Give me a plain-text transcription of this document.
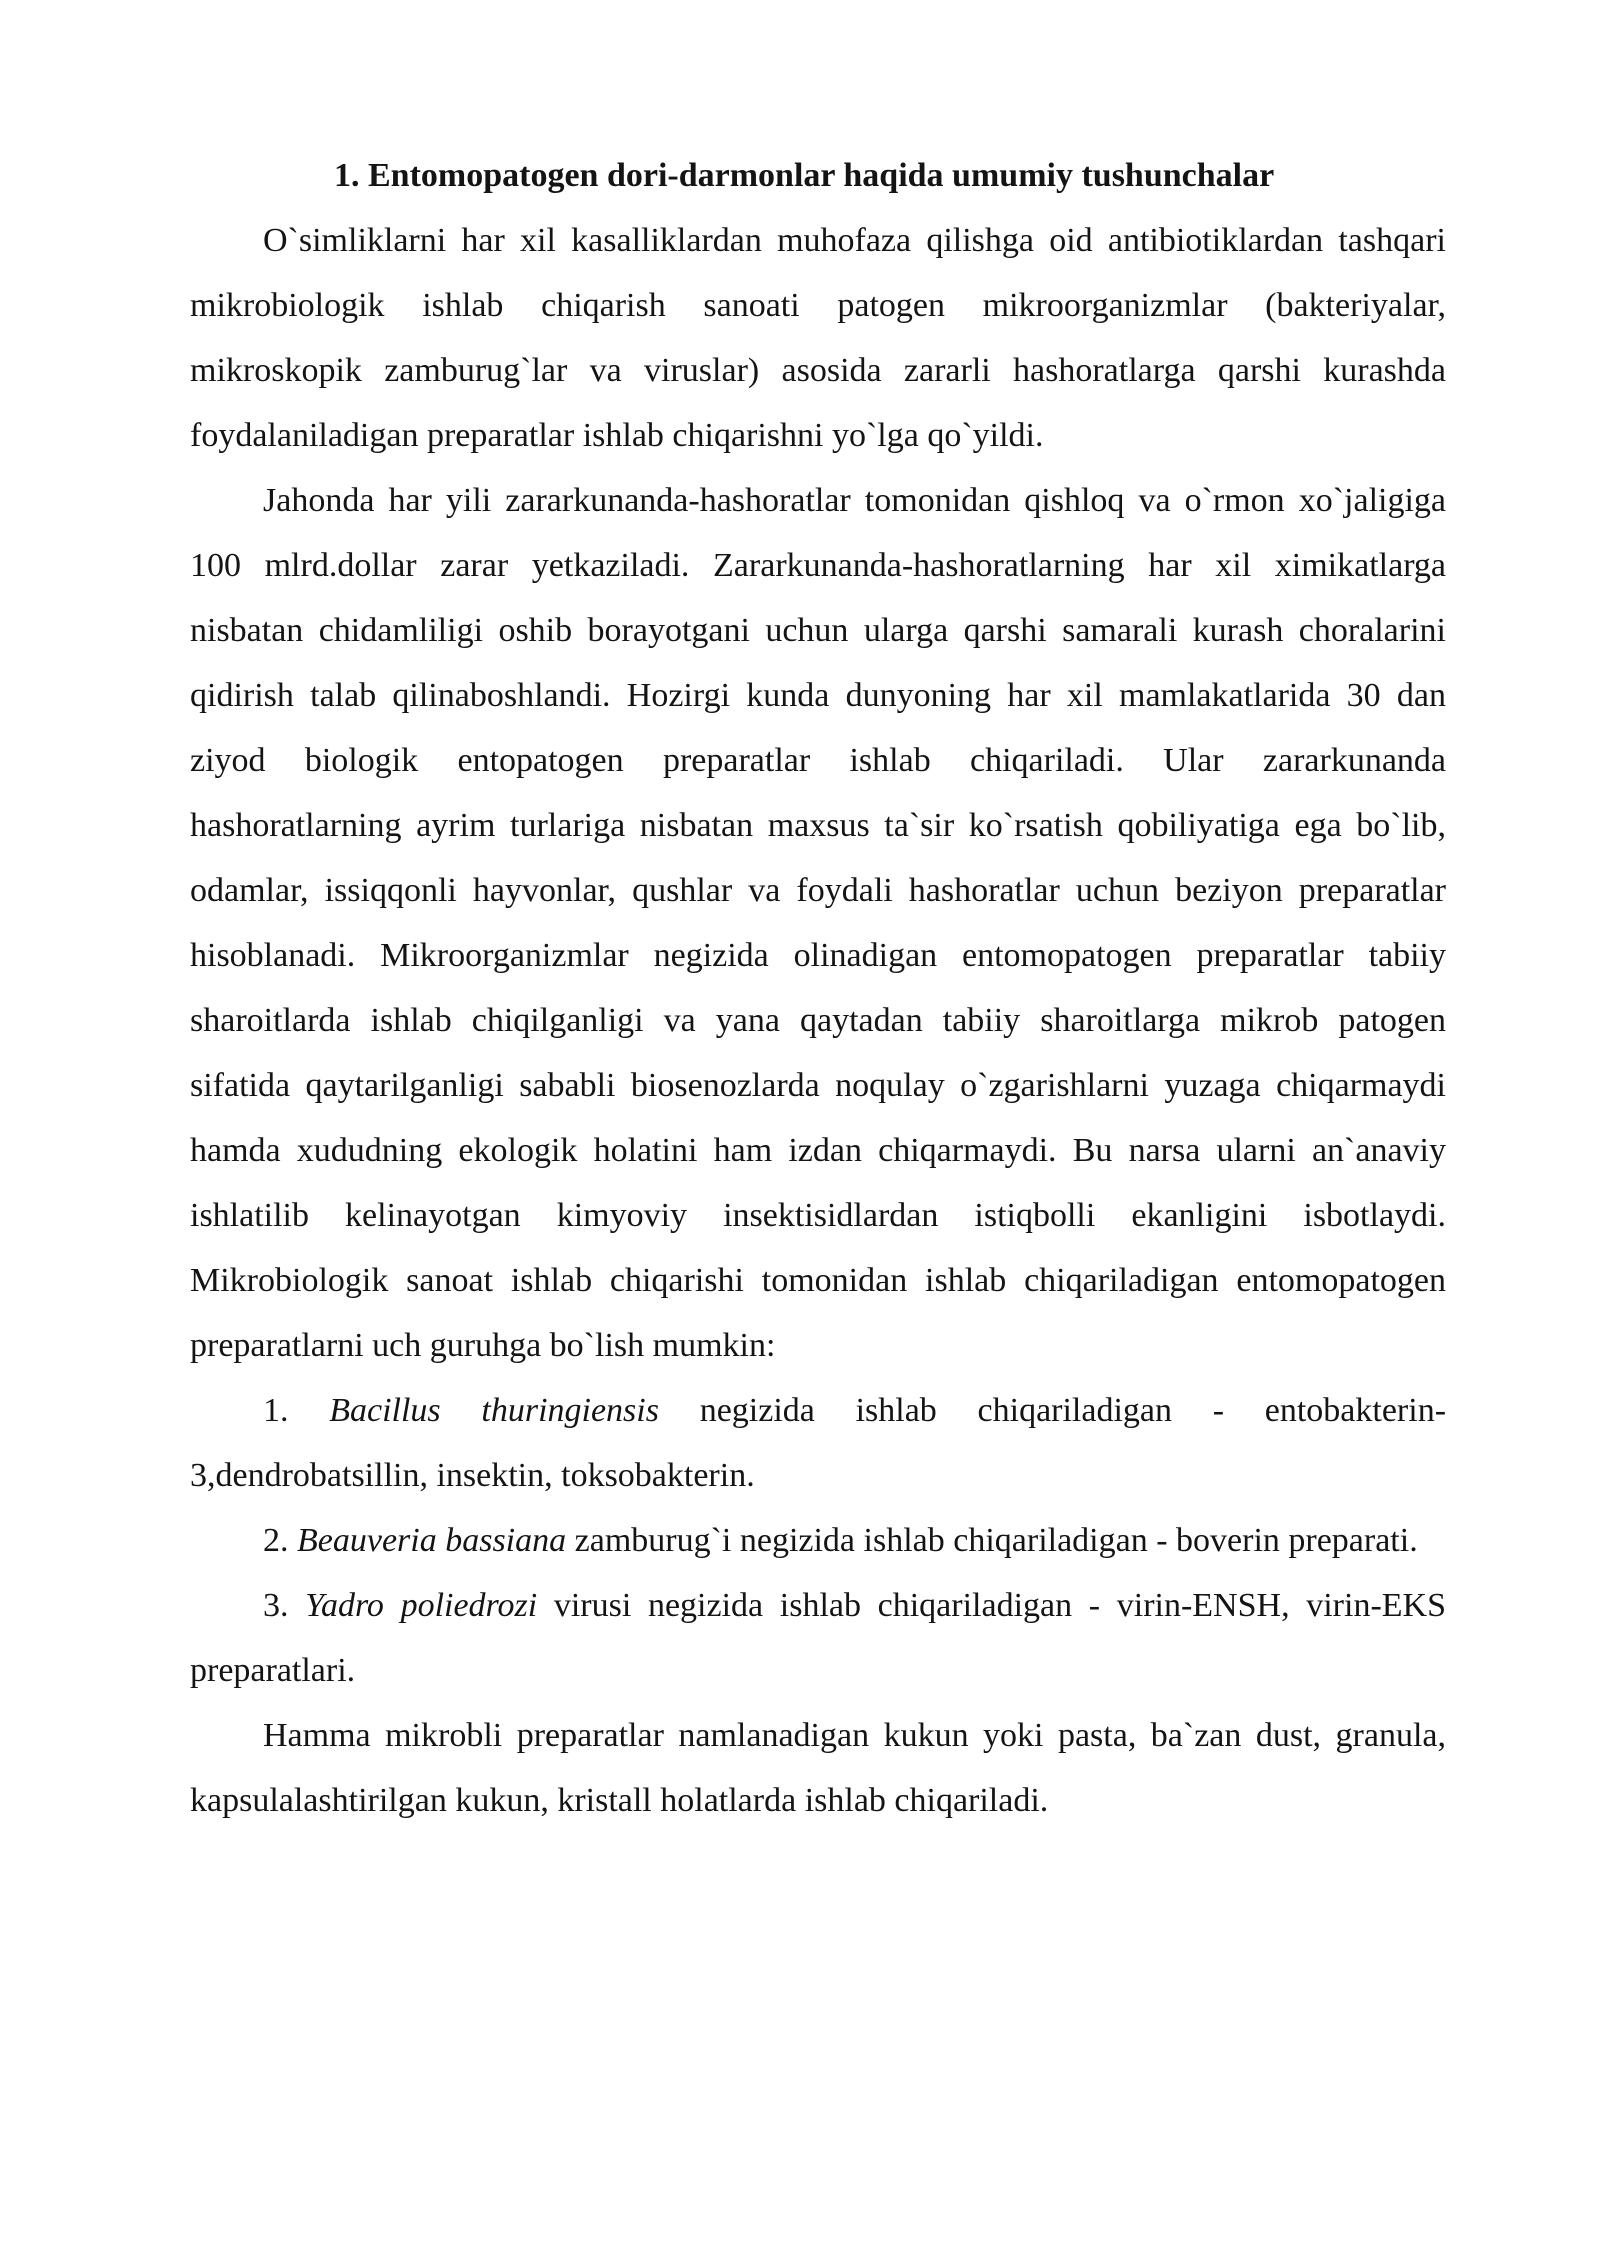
1. Entomopatogen dori-darmonlar haqida umumiy tushunchalar

O`simliklarni har xil kasalliklardan muhofaza qilishga oid antibiotiklardan tashqari mikrobiologik ishlab chiqarish sanoati patogen mikroorganizmlar (bakteriyalar, mikroskopik zamburug`lar va viruslar) asosida zararli hashoratlarga qarshi kurashda foydalaniladigan preparatlar ishlab chiqarishni yo`lga qo`yildi.

Jahonda har yili zararkunanda-hashoratlar tomonidan qishloq va o`rmon xo`jaligiga 100 mlrd.dollar zarar yetkaziladi. Zararkunanda-hashoratlarning har xil ximikatlarga nisbatan chidamliligi oshib borayotgani uchun ularga qarshi samarali kurash choralarini qidirish talab qilinaboshlandi. Hozirgi kunda dunyoning har xil mamlakatlarida 30 dan ziyod biologik entopatogen preparatlar ishlab chiqariladi. Ular zararkunanda hashoratlarning ayrim turlariga nisbatan maxsus ta`sir ko`rsatish qobiliyatiga ega bo`lib, odamlar, issiqqonli hayvonlar, qushlar va foydali hashoratlar uchun beziyon preparatlar hisoblanadi. Mikroorganizmlar negizida olinadigan entomopatogen preparatlar tabiiy sharoitlarda ishlab chiqilganligi va yana qaytadan tabiiy sharoitlarga mikrob patogen sifatida qaytarilganligi sababli biosenozlarda noqulay o`zgarishlarni yuzaga chiqarmaydi hamda xududning ekologik holatini ham izdan chiqarmaydi. Bu narsa ularni an`anaviy ishlatilib kelinayotgan kimyoviy insektisidlardan istiqbolli ekanligini isbotlaydi. Mikrobiologik sanoat ishlab chiqarishi tomonidan ishlab chiqariladigan entomopatogen preparatlarni uch guruhga bo`lish mumkin:

1. Bacillus thuringiensis negizida ishlab chiqariladigan - entobakterin-3,dendrobatsillin, insektin, toksobakterin.

2. Beauveria bassiana zamburug`i negizida ishlab chiqariladigan - boverin preparati.

3. Yadro poliedrozi virusi negizida ishlab chiqariladigan - virin-ENSH, virin-EKS preparatlari.

Hamma mikrobli preparatlar namlanadigan kukun yoki pasta, ba`zan dust, granula, kapsulalashtirilgan kukun, kristall holatlarda ishlab chiqariladi.
